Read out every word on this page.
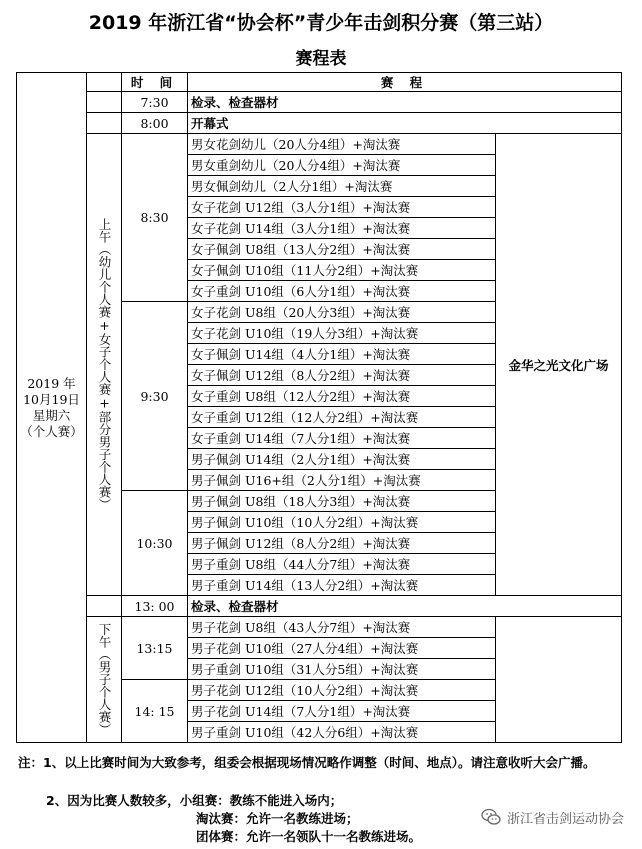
2019 年浙江省“协会杯”青少年击剑积分赛（第三站）
赛程表
2019 年
10月19日
星期六
（个人赛）		时 间	赛 程	
		7:30	检录、检查器材	
		8:00	开幕式	

	上午（幼儿个人赛+女子个人赛+部分男子个人赛）	8:30	男女花剑幼儿（20人分4组）+淘汰赛	金华之光文化广场
			男女重剑幼儿（20人分4组）+淘汰赛	
			男女佩剑幼儿（2人分1组）+淘汰赛	
			女子花剑 U12组（3人分1组）+淘汰赛	
			女子花剑 U14组（3人分1组）+淘汰赛	
			女子佩剑 U8组（13人分2组）+淘汰赛	
			女子佩剑 U10组（11人分2组）+淘汰赛	
			女子重剑 U10组（6人分1组）+淘汰赛	
		9:30	女子花剑 U8组（20人分3组）+淘汰赛	
			女子花剑 U10组（19人分3组）+淘汰赛	
			女子佩剑 U14组（4人分1组）+淘汰赛	
			女子佩剑 U12组（8人分2组）+淘汰赛	
			女子重剑 U8组（12人分2组）+淘汰赛	
			女子重剑 U12组（12人分2组）+淘汰赛	
			女子重剑 U14组（7人分1组）+淘汰赛	
			男子佩剑 U14组（2人分1组）+淘汰赛	
			男子佩剑 U16+组（2人分1组）+淘汰赛	
		10:30	男子佩剑 U8组（18人分3组）+淘汰赛	
			男子佩剑 U10组（10人分2组）+淘汰赛	
			男子佩剑 U12组（8人分2组）+淘汰赛	
			男子重剑 U8组（44人分7组）+淘汰赛	
			男子重剑 U14组（13人分2组）+淘汰赛	
		13: 00	检录、检查器材	

	下午（男子个人赛）	13:15	男子花剑 U8组（43人分7组）+淘汰赛	
			男子花剑 U10组（27人分4组）+淘汰赛	
			男子重剑 U10组（31人分5组）+淘汰赛	
		14: 15	男子花剑 U12组（10人分2组）+淘汰赛	
			男子花剑 U14组（7人分1组）+淘汰赛	
			男子重剑 U10组（42人分6组）+淘汰赛	
注：1、以上比赛时间为大致参考，组委会根据现场情况略作调整（时间、地点）。请注意收听大会广播。
2、因为比赛人数较多，小组赛：教练不能进入场内；
淘汰赛：允许一名教练进场；
团体赛：允许一名领队十一名教练进场。
浙江省击剑运动协会
